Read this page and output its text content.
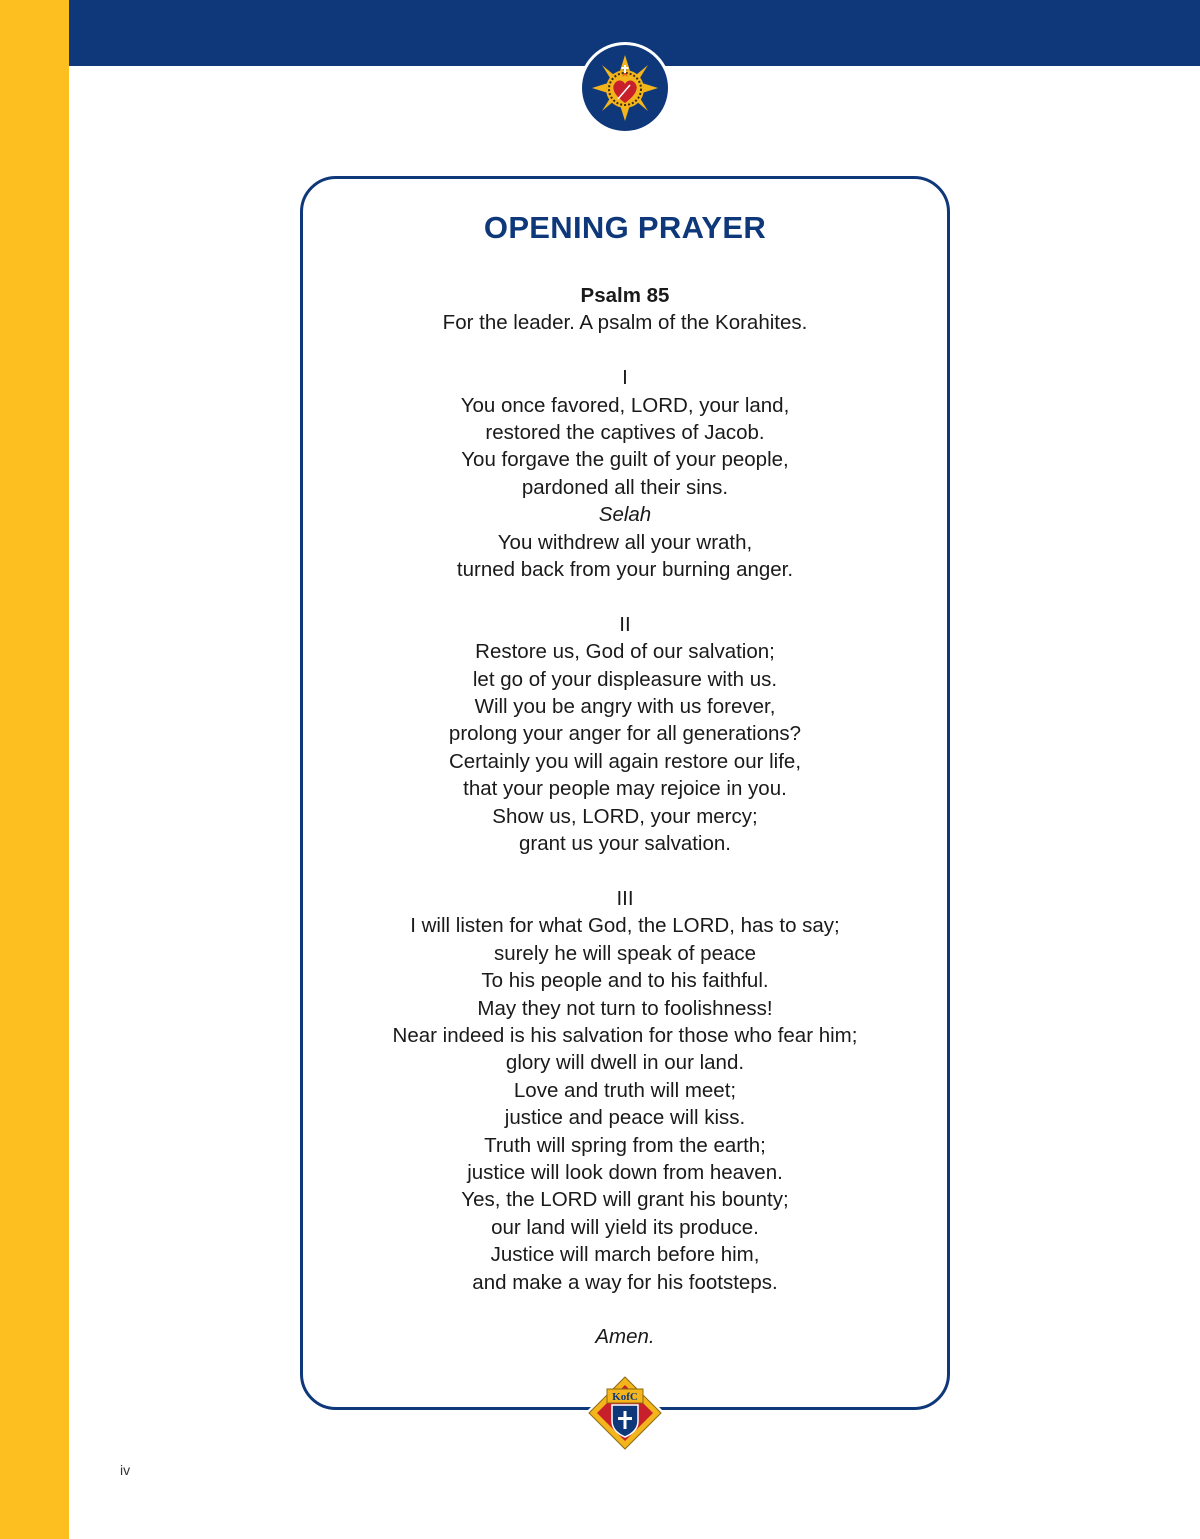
OPENING PRAYER
Psalm 85
For the leader. A psalm of the Korahites.
I
You once favored, LORD, your land,
restored the captives of Jacob.
You forgave the guilt of your people,
pardoned all their sins.
Selah
You withdrew all your wrath,
turned back from your burning anger.
II
Restore us, God of our salvation;
let go of your displeasure with us.
Will you be angry with us forever,
prolong your anger for all generations?
Certainly you will again restore our life,
that your people may rejoice in you.
Show us, LORD, your mercy;
grant us your salvation.
III
I will listen for what God, the LORD, has to say;
surely he will speak of peace
To his people and to his faithful.
May they not turn to foolishness!
Near indeed is his salvation for those who fear him;
glory will dwell in our land.
Love and truth will meet;
justice and peace will kiss.
Truth will spring from the earth;
justice will look down from heaven.
Yes, the LORD will grant his bounty;
our land will yield its produce.
Justice will march before him,
and make a way for his footsteps.
Amen.
KofC
iv
